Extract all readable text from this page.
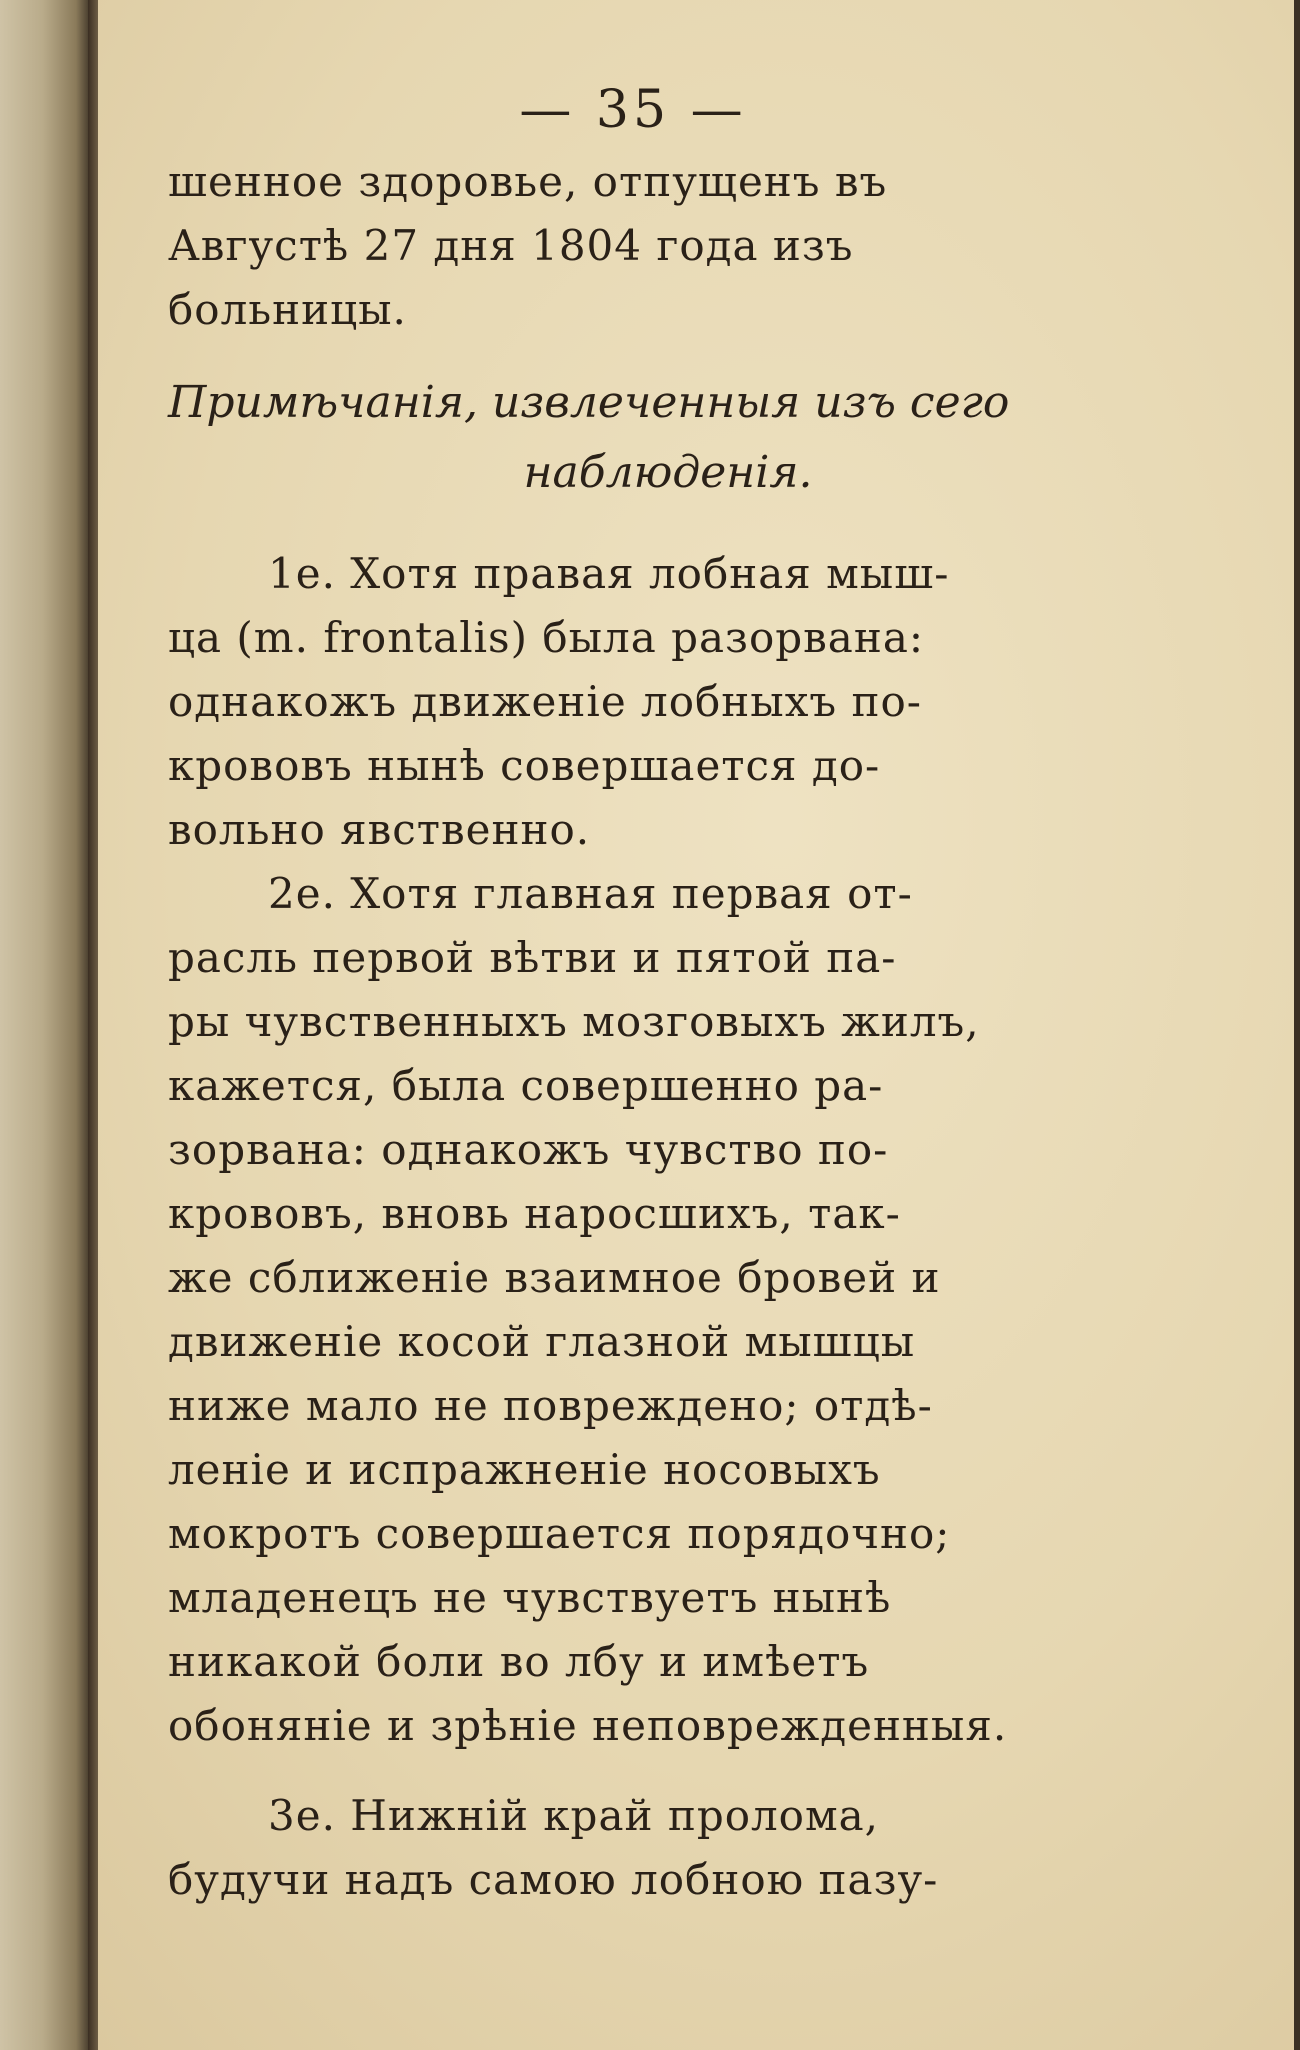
— 35 —
шенное здоровье, отпущенъ въ
Августѣ 27 дня 1804 года изъ
больницы.
Примѣчанія, извлеченныя изъ сего
наблюденія.
1е. Хотя правая лобная мыш-
ца (m. frontalis) была разорвана:
однакожъ движеніе лобныхъ по-
крововъ нынѣ совершается до-
вольно явственно.
2е. Хотя главная первая от-
расль первой вѣтви и пятой па-
ры чувственныхъ мозговыхъ жилъ,
кажется, была совершенно ра-
зорвана: однакожъ чувство по-
крововъ, вновь наросшихъ, так-
же сближеніе взаимное бровей и
движеніе косой глазной мышцы
ниже мало не повреждено; отдѣ-
леніе и испражненіе носовыхъ
мокротъ совершается порядочно;
младенецъ не чувствуетъ нынѣ
никакой боли во лбу и имѣетъ
обоняніе и зрѣніе неповрежденныя.
3е. Нижній край пролома,
будучи надъ самою лобною пазу-
